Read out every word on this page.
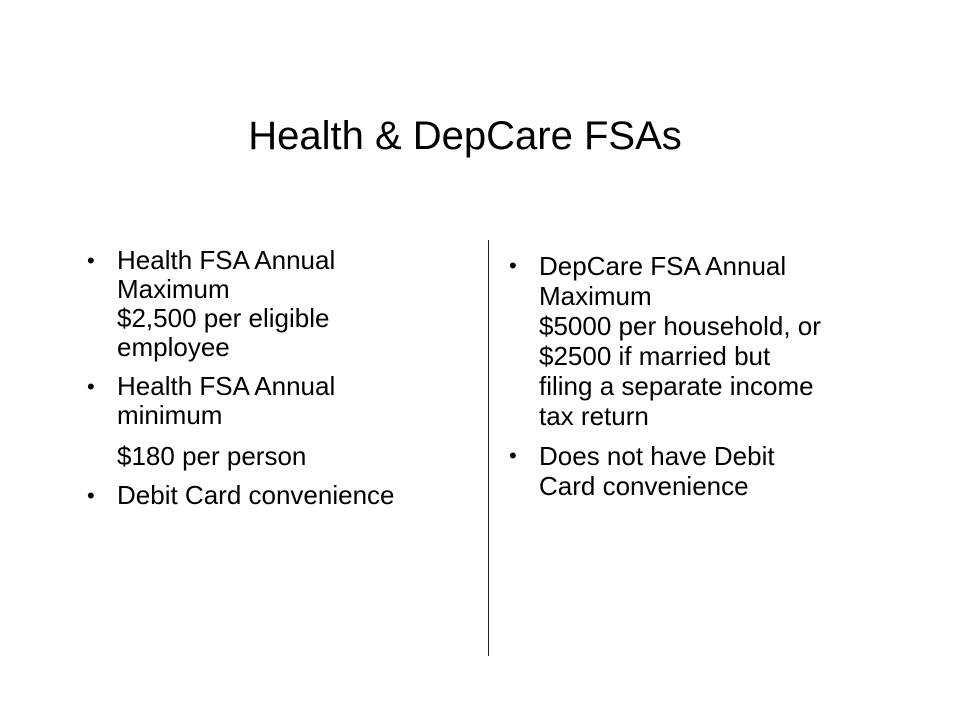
Health & DepCare FSAs
• Health FSA Annual
Maximum
$2,500 per eligible
employee
• Health FSA Annual
minimum
$180 per person
• Debit Card convenience
• DepCare FSA Annual
Maximum
$5000 per household, or
$2500 if married but
filing a separate income
tax return
• Does not have Debit
Card convenience
